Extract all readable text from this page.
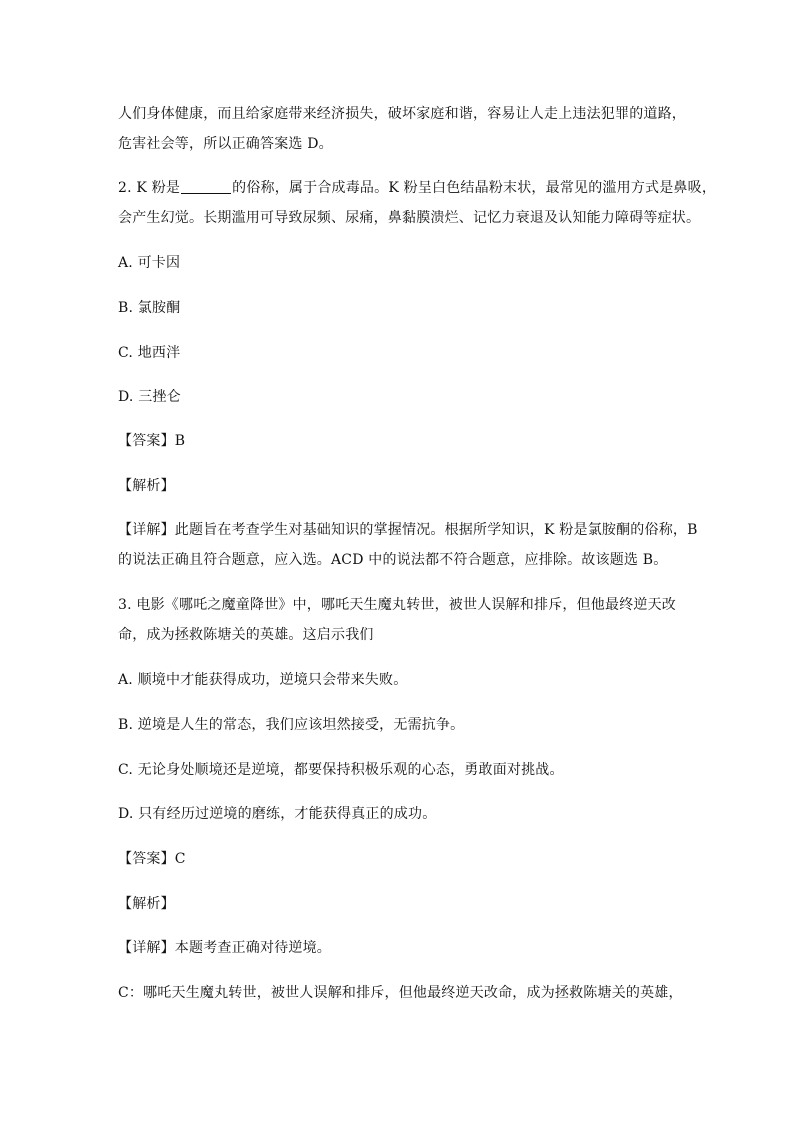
人们身体健康，而且给家庭带来经济损失，破坏家庭和谐，容易让人走上违法犯罪的道路，
危害社会等，所以正确答案选 D。
2. K 粉是	的俗称，属于合成毒品。K 粉呈白色结晶粉末状，最常见的滥用方式是鼻吸，
会产生幻觉。长期滥用可导致尿频、尿痛，鼻黏膜溃烂、记忆力衰退及认知能力障碍等症状。
A. 可卡因
B. 氯胺酮
C. 地西泮
D. 三挫仑
【答案】B
【解析】
【详解】此题旨在考查学生对基础知识的掌握情况。根据所学知识，K 粉是氯胺酮的俗称，B
的说法正确且符合题意，应入选。ACD 中的说法都不符合题意，应排除。故该题选 B。
3. 电影《哪吒之魔童降世》中，哪吒天生魔丸转世，被世人误解和排斥，但他最终逆天改
命，成为拯救陈塘关的英雄。这启示我们
A. 顺境中才能获得成功，逆境只会带来失败。
B. 逆境是人生的常态，我们应该坦然接受，无需抗争。
C. 无论身处顺境还是逆境，都要保持积极乐观的心态，勇敢面对挑战。
D. 只有经历过逆境的磨练，才能获得真正的成功。
【答案】C
【解析】
【详解】本题考查正确对待逆境。
C：哪吒天生魔丸转世，被世人误解和排斥，但他最终逆天改命，成为拯救陈塘关的英雄，
